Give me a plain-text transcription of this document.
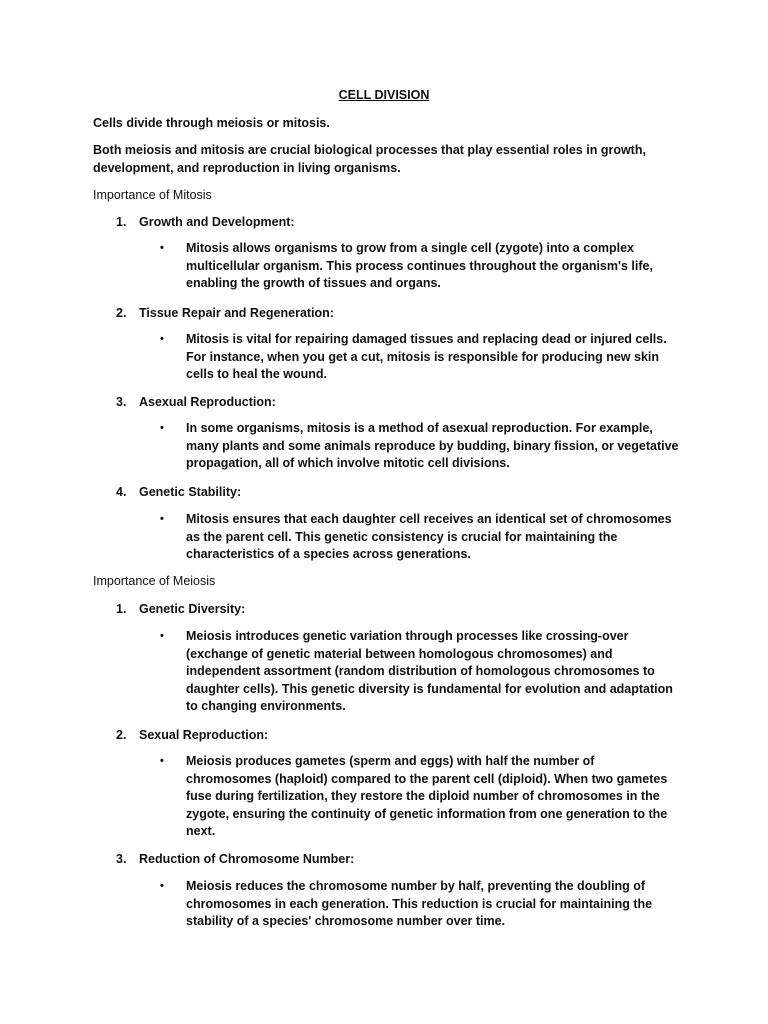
CELL DIVISION
Cells divide through meiosis or mitosis.
Both meiosis and mitosis are crucial biological processes that play essential roles in growth, development, and reproduction in living organisms.
Importance of Mitosis
1. Growth and Development:
• Mitosis allows organisms to grow from a single cell (zygote) into a complex multicellular organism. This process continues throughout the organism's life, enabling the growth of tissues and organs.
2. Tissue Repair and Regeneration:
• Mitosis is vital for repairing damaged tissues and replacing dead or injured cells. For instance, when you get a cut, mitosis is responsible for producing new skin cells to heal the wound.
3. Asexual Reproduction:
• In some organisms, mitosis is a method of asexual reproduction. For example, many plants and some animals reproduce by budding, binary fission, or vegetative propagation, all of which involve mitotic cell divisions.
4. Genetic Stability:
• Mitosis ensures that each daughter cell receives an identical set of chromosomes as the parent cell. This genetic consistency is crucial for maintaining the characteristics of a species across generations.
Importance of Meiosis
1. Genetic Diversity:
• Meiosis introduces genetic variation through processes like crossing-over (exchange of genetic material between homologous chromosomes) and independent assortment (random distribution of homologous chromosomes to daughter cells). This genetic diversity is fundamental for evolution and adaptation to changing environments.
2. Sexual Reproduction:
• Meiosis produces gametes (sperm and eggs) with half the number of chromosomes (haploid) compared to the parent cell (diploid). When two gametes fuse during fertilization, they restore the diploid number of chromosomes in the zygote, ensuring the continuity of genetic information from one generation to the next.
3. Reduction of Chromosome Number:
• Meiosis reduces the chromosome number by half, preventing the doubling of chromosomes in each generation. This reduction is crucial for maintaining the stability of a species' chromosome number over time.
